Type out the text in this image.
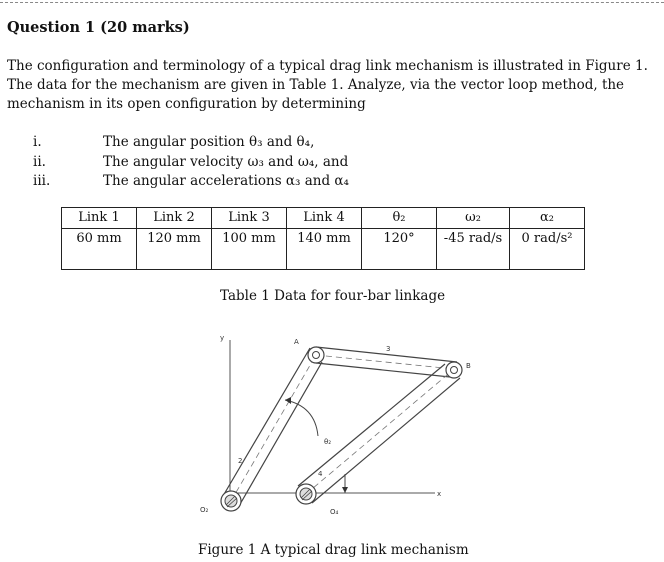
Question 1 (20 marks)

The configuration and terminology of a typical drag link mechanism is illustrated in Figure 1.

The data for the mechanism are given in Table 1. Analyze, via the vector loop method, the

mechanism in its open configuration by determining

i.	The angular position θ₃ and θ₄,
ii.	The angular velocity ω₃ and ω₄, and
iii.	The angular accelerations α₃ and α₄
Link 1	Link 2	Link 3	Link 4	θ₂	ω₂	α₂
60 mm	120 mm	100 mm	140 mm	120°	-45 rad/s	0 rad/s²
Table 1 Data for four-bar linkage
y
x
A
B
3
2
4
θ₂
O₂	O₄
Figure 1 A typical drag link mechanism
